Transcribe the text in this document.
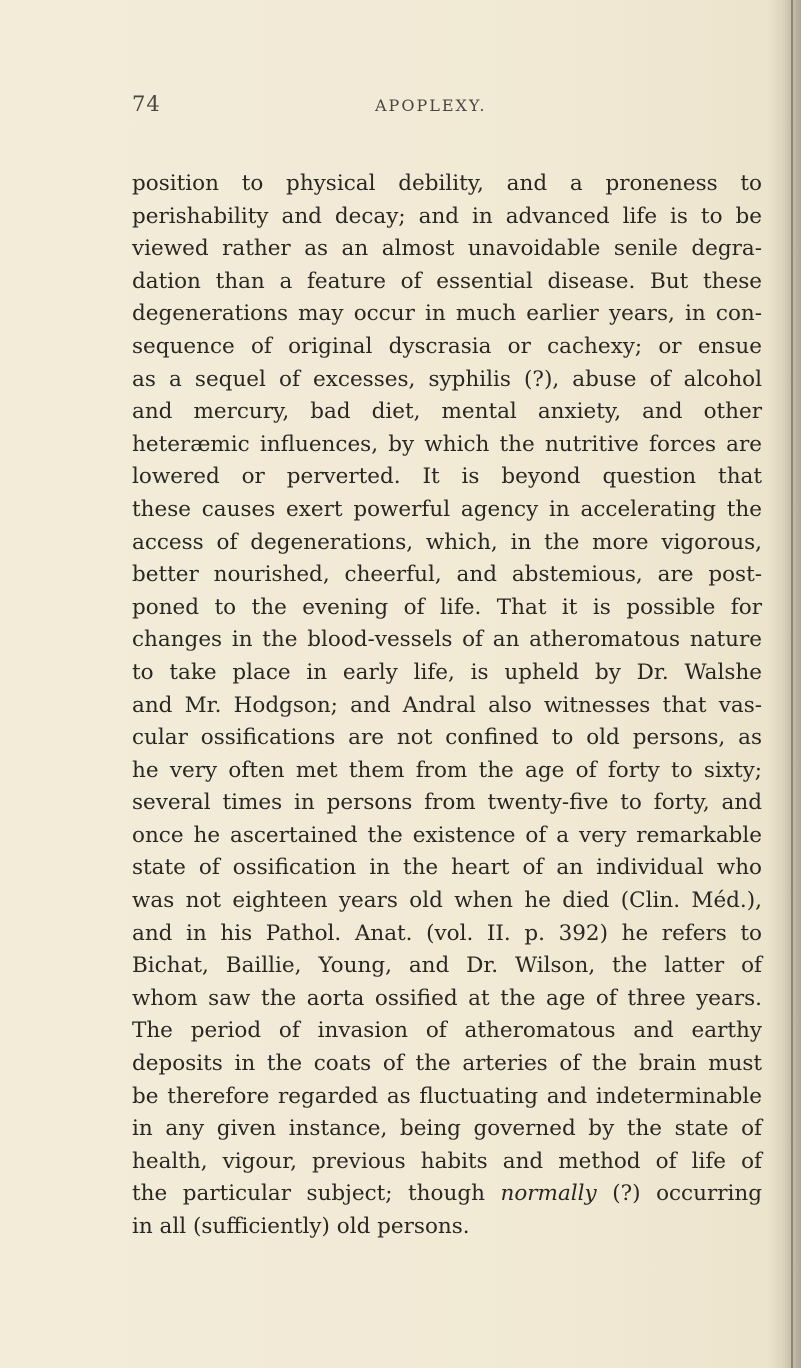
74	APOPLEXY.
position to physical debility, and a proneness to
perishability and decay; and in advanced life is to be
viewed rather as an almost unavoidable senile degra-
dation than a feature of essential disease. But these
degenerations may occur in much earlier years, in con-
sequence of original dyscrasia or cachexy; or ensue
as a sequel of excesses, syphilis (?), abuse of alcohol
and mercury, bad diet, mental anxiety, and other
heteræmic influences, by which the nutritive forces are
lowered or perverted. It is beyond question that
these causes exert powerful agency in accelerating the
access of degenerations, which, in the more vigorous,
better nourished, cheerful, and abstemious, are post-
poned to the evening of life. That it is possible for
changes in the blood-vessels of an atheromatous nature
to take place in early life, is upheld by Dr. Walshe
and Mr. Hodgson; and Andral also witnesses that vas-
cular ossifications are not confined to old persons, as
he very often met them from the age of forty to sixty;
several times in persons from twenty-five to forty, and
once he ascertained the existence of a very remarkable
state of ossification in the heart of an individual who
was not eighteen years old when he died (Clin. Méd.),
and in his Pathol. Anat. (vol. II. p. 392) he refers to
Bichat, Baillie, Young, and Dr. Wilson, the latter of
whom saw the aorta ossified at the age of three years.
The period of invasion of atheromatous and earthy
deposits in the coats of the arteries of the brain must
be therefore regarded as fluctuating and indeterminable
in any given instance, being governed by the state of
health, vigour, previous habits and method of life of
the particular subject; though normally (?) occurring
in all (sufficiently) old persons.
